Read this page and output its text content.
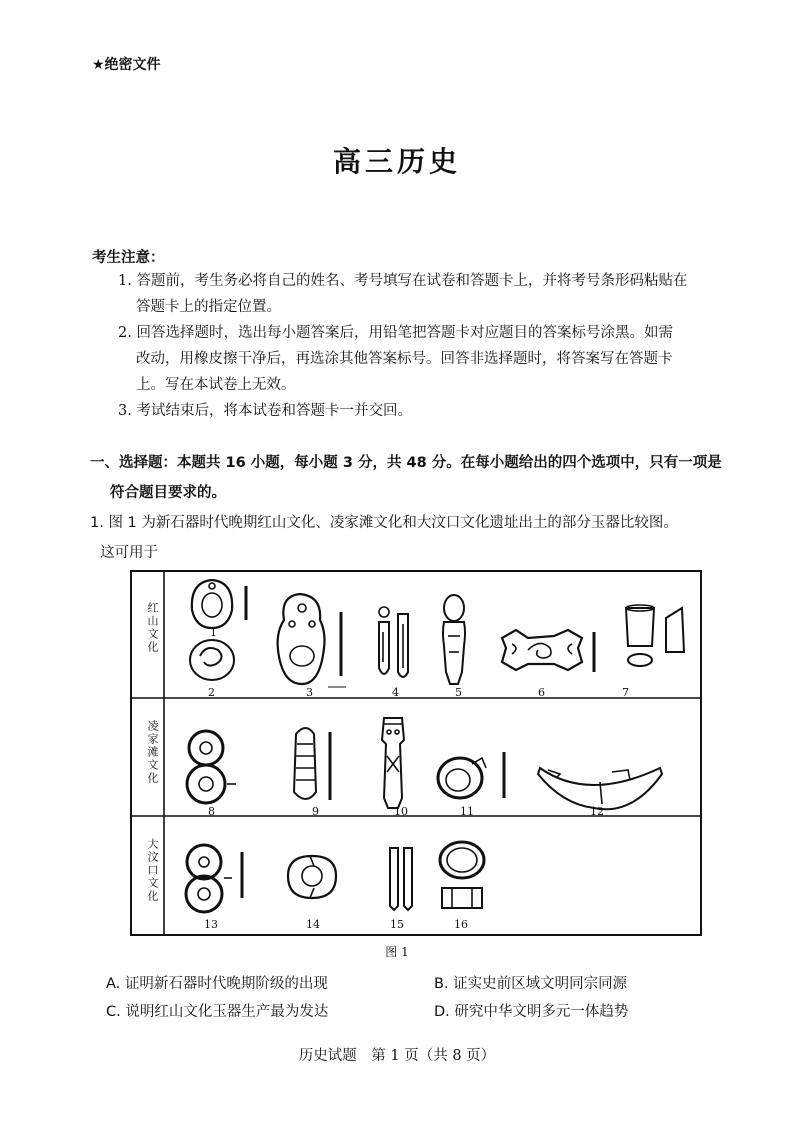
★绝密文件
高三历史
考生注意：
1. 答题前，考生务必将自己的姓名、考号填写在试卷和答题卡上，并将考号条形码粘贴在
答题卡上的指定位置。
2. 回答选择题时，选出每小题答案后，用铅笔把答题卡对应题目的答案标号涂黑。如需
改动，用橡皮擦干净后，再选涂其他答案标号。回答非选择题时，将答案写在答题卡
上。写在本试卷上无效。
3. 考试结束后，将本试卷和答题卡一并交回。
一、选择题：本题共 16 小题，每小题 3 分，共 48 分。在每小题给出的四个选项中，只有一项是
符合题目要求的。
1. 图 1 为新石器时代晚期红山文化、凌家滩文化和大汶口文化遗址出土的部分玉器比较图。
这可用于
1
2	3	4	5	6	7
8	9	10	11	12
13	14	15	16
红山文化
凌家滩文化
大汶口文化
图 1
A. 证明新石器时代晚期阶级的出现	B. 证实史前区域文明同宗同源
C. 说明红山文化玉器生产最为发达	D. 研究中华文明多元一体趋势
历史试题　第 1 页（共 8 页）
